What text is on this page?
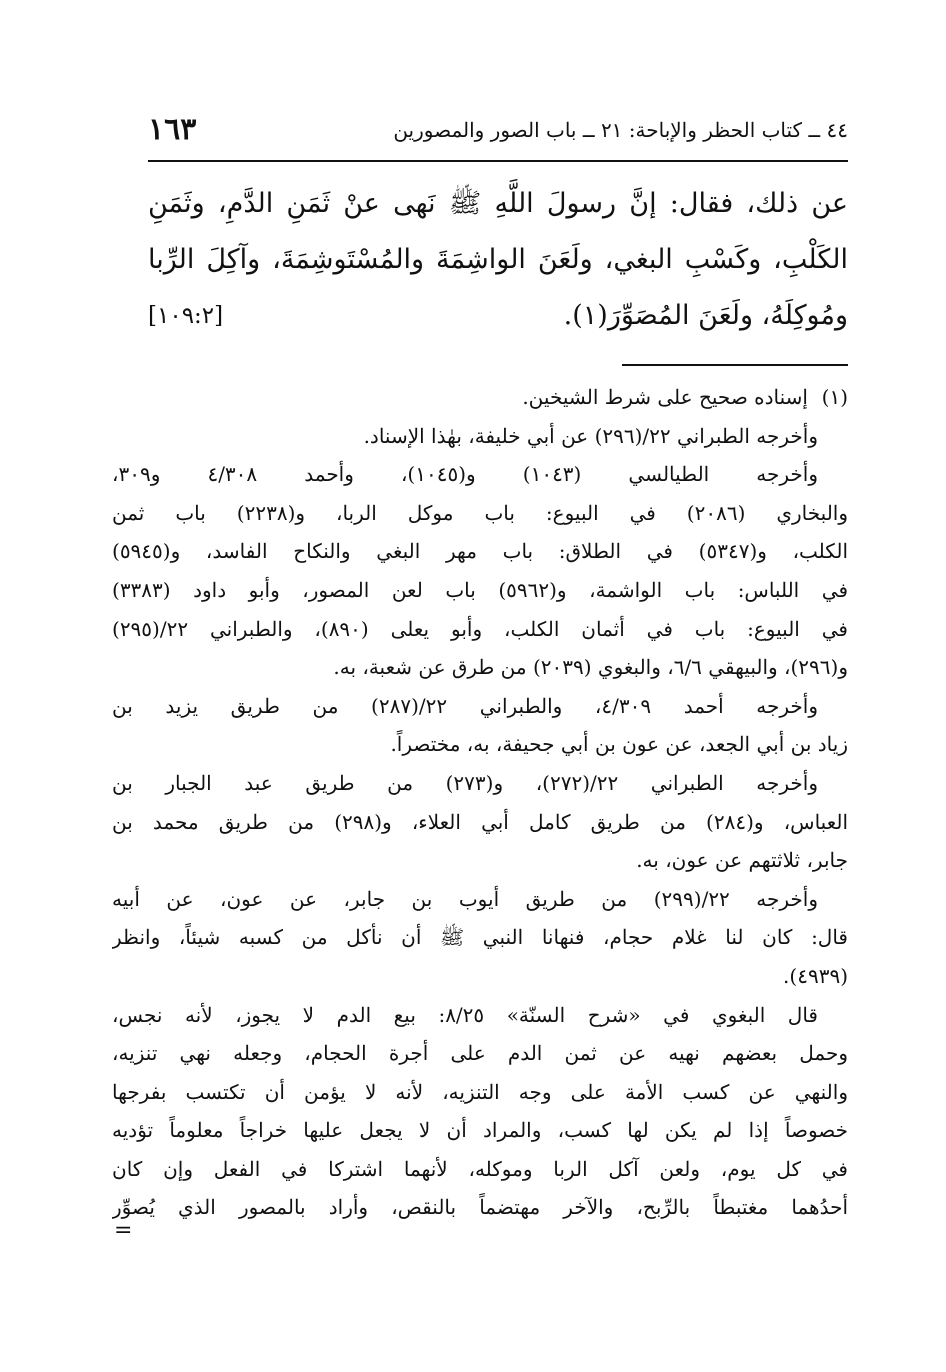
٤٤ ــ كتاب الحظر والإباحة: ٢١ ــ باب الصور والمصورين
١٦٣
عن ذلك، فقال: إنَّ رسولَ اللَّهِ ﷺ نَهى عنْ ثَمَنِ الدَّمِ، وثَمَنِ
الكَلْبِ، وكَسْبِ البغي، ولَعَنَ الواشِمَةَ والمُسْتَوشِمَةَ، وآكِلَ الرِّبا
ومُوكِلَهُ، ولَعَنَ المُصَوِّرَ(١).
[١٠٩:٢]
(١)إسناده صحيح على شرط الشيخين.
وأخرجه الطبراني ٢٢/(٢٩٦) عن أبي خليفة، بهٰذا الإسناد.
وأخرجه الطيالسي (١٠٤٣) و(١٠٤٥)، وأحمد ٤/٣٠٨ و٣٠٩،
والبخاري (٢٠٨٦) في البيوع: باب موكل الربا، و(٢٢٣٨) باب ثمن
الكلب، و(٥٣٤٧) في الطلاق: باب مهر البغي والنكاح الفاسد، و(٥٩٤٥)
في اللباس: باب الواشمة، و(٥٩٦٢) باب لعن المصور، وأبو داود (٣٣٨٣)
في البيوع: باب في أثمان الكلب، وأبو يعلى (٨٩٠)، والطبراني ٢٢/(٢٩٥)
و(٢٩٦)، والبيهقي ٦/٦، والبغوي (٢٠٣٩) من طرق عن شعبة، به.
وأخرجه أحمد ٤/٣٠٩، والطبراني ٢٢/(٢٨٧) من طريق يزيد بن
زياد بن أبي الجعد، عن عون بن أبي جحيفة، به، مختصراً.
وأخرجه الطبراني ٢٢/(٢٧٢)، و(٢٧٣) من طريق عبد الجبار بن
العباس، و(٢٨٤) من طريق كامل أبي العلاء، و(٢٩٨) من طريق محمد بن
جابر، ثلاثتهم عن عون، به.
وأخرجه ٢٢/(٢٩٩) من طريق أيوب بن جابر، عن عون، عن أبيه
قال: كان لنا غلام حجام، فنهانا النبي ﷺ أن نأكل من كسبه شيئاً، وانظر
(٤٩٣٩).
قال البغوي في «شرح السنّة» ٨/٢٥: بيع الدم لا يجوز، لأنه نجس،
وحمل بعضهم نهيه عن ثمن الدم على أجرة الحجام، وجعله نهي تنزيه،
والنهي عن كسب الأمة على وجه التنزيه، لأنه لا يؤمن أن تكتسب بفرجها
خصوصاً إذا لم يكن لها كسب، والمراد أن لا يجعل عليها خراجاً معلوماً تؤديه
في كل يوم، ولعن آكل الربا وموكله، لأنهما اشتركا في الفعل وإن كان
أحدُهما مغتبطاً بالرِّبح، والآخر مهتضماً بالنقص، وأراد بالمصور الذي يُصوِّر
=
